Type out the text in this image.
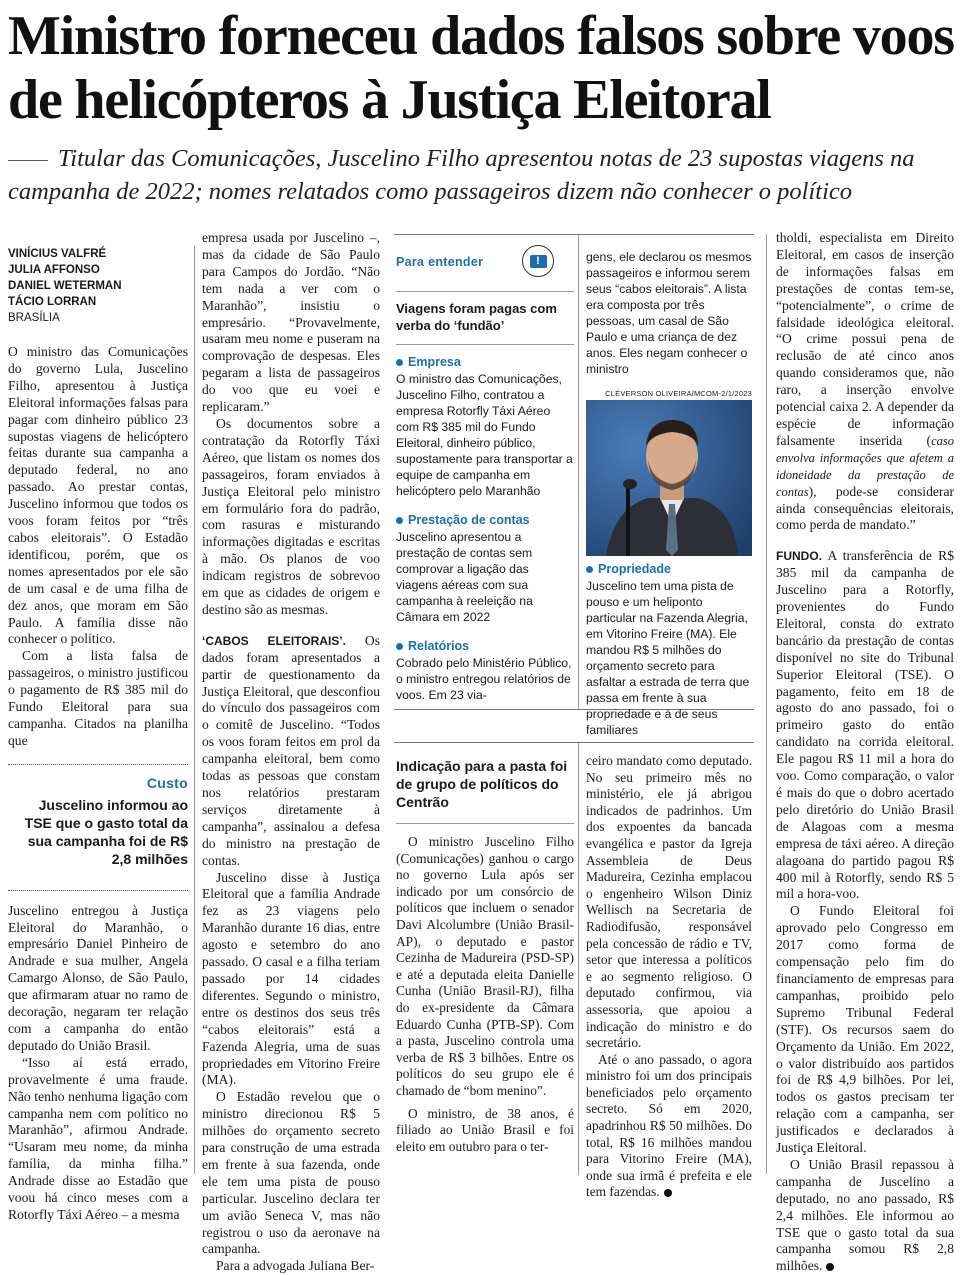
Ministro forneceu dados falsos sobre voos de helicópteros à Justiça Eleitoral

Titular das Comunicações, Juscelino Filho apresentou notas de 23 supostas viagens na campanha de 2022; nomes relatados como passageiros dizem não conhecer o político

VINÍCIUS VALFRÉ
JULIA AFFONSO
DANIEL WETERMAN
TÁCIO LORRAN
BRASÍLIA

O ministro das Comunicações do governo Lula, Juscelino Filho, apresentou à Justiça Eleitoral informações falsas para pagar com dinheiro público 23 supostas viagens de helicóptero feitas durante sua campanha a deputado federal, no ano passado. Ao prestar contas, Juscelino informou que todos os voos foram feitos por “três cabos eleitorais”. O Estadão identificou, porém, que os nomes apresentados por ele são de um casal e de uma filha de dez anos, que moram em São Paulo. A família disse não conhecer o político.

Com a lista falsa de passageiros, o ministro justificou o pagamento de R$ 385 mil do Fundo Eleitoral para sua campanha. Citados na planilha que

Custo
Juscelino informou ao TSE que o gasto total da sua campanha foi de R$ 2,8 milhões

Juscelino entregou à Justiça Eleitoral do Maranhão, o empresário Daniel Pinheiro de Andrade e sua mulher, Angela Camargo Alonso, de São Paulo, que afirmaram atuar no ramo de decoração, negaram ter relação com a campanha do então deputado do União Brasil.

“Isso aí está errado, provavelmente é uma fraude. Não tenho nenhuma ligação com campanha nem com político no Maranhão”, afirmou Andrade. “Usaram meu nome, da minha família, da minha filha.” Andrade disse ao Estadão que voou há cinco meses com a Rotorfly Táxi Aéreo – a mesma

empresa usada por Juscelino –, mas da cidade de São Paulo para Campos do Jordão. “Não tem nada a ver com o Maranhão”, insistiu o empresário. “Provavelmente, usaram meu nome e puseram na comprovação de despesas. Eles pegaram a lista de passageiros do voo que eu voei e replicaram.”

Os documentos sobre a contratação da Rotorfly Táxi Aéreo, que listam os nomes dos passageiros, foram enviados à Justiça Eleitoral pelo ministro em formulário fora do padrão, com rasuras e misturando informações digitadas e escritas à mão. Os planos de voo indicam registros de sobrevoo em que as cidades de origem e destino são as mesmas.

‘CABOS ELEITORAIS’. Os dados foram apresentados a partir de questionamento da Justiça Eleitoral, que desconfiou do vínculo dos passageiros com o comitê de Juscelino. “Todos os voos foram feitos em prol da campanha eleitoral, bem como todas as pessoas que constam nos relatórios prestaram serviços diretamente à campanha”, assinalou a defesa do ministro na prestação de contas.

Juscelino disse à Justiça Eleitoral que a família Andrade fez as 23 viagens pelo Maranhão durante 16 dias, entre agosto e setembro do ano passado. O casal e a filha teriam passado por 14 cidades diferentes. Segundo o ministro, entre os destinos dos seus três “cabos eleitorais” está a Fazenda Alegria, uma de suas propriedades em Vitorino Freire (MA).

O Estadão revelou que o ministro direcionou R$ 5 milhões do orçamento secreto para construção de uma estrada em frente à sua fazenda, onde ele tem uma pista de pouso particular. Juscelino declara ter um avião Seneca V, mas não registrou o uso da aeronave na campanha.

Para a advogada Juliana Ber-

Para entender	!
Viagens foram pagas com verba do ‘fundão’
Empresa
O ministro das Comunicações, Juscelino Filho, contratou a empresa Rotorfly Táxi Aéreo com R$ 385 mil do Fundo Eleitoral, dinheiro público, supostamente para transportar a equipe de campanha em helicóptero pelo Maranhão
Prestação de contas
Juscelino apresentou a prestação de contas sem comprovar a ligação das viagens aéreas com sua campanha à reeleição na Câmara em 2022
Relatórios
Cobrado pelo Ministério Público, o ministro entregou relatórios de voos. Em 23 via-
gens, ele declarou os mesmos passageiros e informou serem seus “cabos eleitorais”. A lista era composta por três pessoas, um casal de São Paulo e uma criança de dez anos. Eles negam conhecer o ministro
CLÉVERSON OLIVEIRA/MCOM-2/1/2023
Propriedade
Juscelino tem uma pista de pouso e um heliponto particular na Fazenda Alegria, em Vitorino Freire (MA). Ele mandou R$ 5 milhões do orçamento secreto para asfaltar a estrada de terra que passa em frente à sua propriedade e à de seus familiares
Indicação para a pasta foi de grupo de políticos do Centrão

O ministro Juscelino Filho (Comunicações) ganhou o cargo no governo Lula após ser indicado por um consórcio de políticos que incluem o senador Davi Alcolumbre (União Brasil-AP), o deputado e pastor Cezinha de Madureira (PSD-SP) e até a deputada eleita Danielle Cunha (União Brasil-RJ), filha do ex-presidente da Câmara Eduardo Cunha (PTB-SP). Com a pasta, Juscelino controla uma verba de R$ 3 bilhões. Entre os políticos do seu grupo ele é chamado de “bom menino”.

O ministro, de 38 anos, é filiado ao União Brasil e foi eleito em outubro para o ter-

ceiro mandato como deputado. No seu primeiro mês no ministério, ele já abrigou indicados de padrinhos. Um dos expoentes da bancada evangélica e pastor da Igreja Assembleia de Deus Madureira, Cezinha emplacou o engenheiro Wilson Diniz Wellisch na Secretaria de Radiodifusão, responsável pela concessão de rádio e TV, setor que interessa a políticos e ao segmento religioso. O deputado confirmou, via assessoria, que apoiou a indicação do ministro e do secretário.

Até o ano passado, o agora ministro foi um dos principais beneficiados pelo orçamento secreto. Só em 2020, apadrinhou R$ 50 milhões. Do total, R$ 16 milhões mandou para Vitorino Freire (MA), onde sua irmã é prefeita e ele tem fazendas.

tholdi, especialista em Direito Eleitoral, em casos de inserção de informações falsas em prestações de contas tem-se, “potencialmente”, o crime de falsidade ideológica eleitoral. “O crime possui pena de reclusão de até cinco anos quando consideramos que, não raro, a inserção envolve potencial caixa 2. A depender da espécie de informação falsamente inserida (caso envolva informações que afetem a idoneidade da prestação de contas), pode-se considerar ainda consequências eleitorais, como perda de mandato.”

FUNDO. A transferência de R$ 385 mil da campanha de Juscelino para a Rotorfly, provenientes do Fundo Eleitoral, consta do extrato bancário da prestação de contas disponível no site do Tribunal Superior Eleitoral (TSE). O pagamento, feito em 18 de agosto do ano passado, foi o primeiro gasto do então candidato na corrida eleitoral. Ele pagou R$ 11 mil a hora do voo. Como comparação, o valor é mais do que o dobro acertado pelo diretório do União Brasil de Alagoas com a mesma empresa de táxi aéreo. A direção alagoana do partido pagou R$ 400 mil à Rotorfly, sendo R$ 5 mil a hora-voo.

O Fundo Eleitoral foi aprovado pelo Congresso em 2017 como forma de compensação pelo fim do financiamento de empresas para campanhas, proibido pelo Supremo Tribunal Federal (STF). Os recursos saem do Orçamento da União. Em 2022, o valor distribuído aos partidos foi de R$ 4,9 bilhões. Por lei, todos os gastos precisam ter relação com a campanha, ser justificados e declarados à Justiça Eleitoral.

O União Brasil repassou à campanha de Juscelino a deputado, no ano passado, R$ 2,4 milhões. Ele informou ao TSE que o gasto total da sua campanha somou R$ 2,8 milhões.
